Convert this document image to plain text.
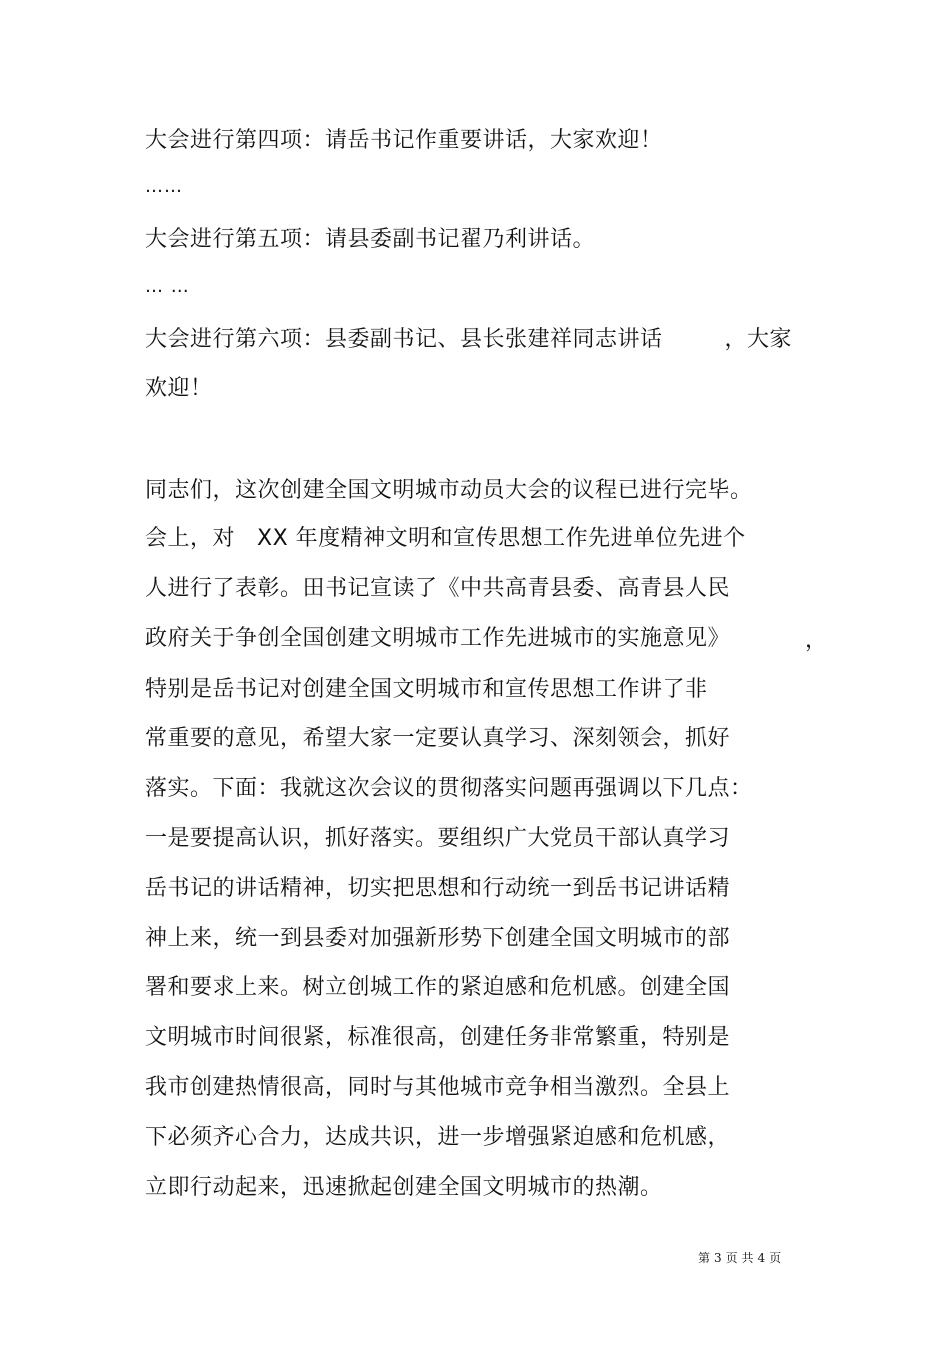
大会进行第四项：请岳书记作重要讲话，大家欢迎！
……
大会进行第五项：请县委副书记翟乃利讲话。
… …
大会进行第六项：县委副书记、县长张建祥同志讲话	，大家
欢迎！
同志们，这次创建全国文明城市动员大会的议程已进行完毕。
会上，对 XX 年度精神文明和宣传思想工作先进单位先进个
人进行了表彰。田书记宣读了《中共高青县委、高青县人民
政府关于争创全国创建文明城市工作先进城市的实施意见》	，
特别是岳书记对创建全国文明城市和宣传思想工作讲了非
常重要的意见，希望大家一定要认真学习、深刻领会，抓好
落实。下面：我就这次会议的贯彻落实问题再强调以下几点：
一是要提高认识，抓好落实。要组织广大党员干部认真学习
岳书记的讲话精神，切实把思想和行动统一到岳书记讲话精
神上来，统一到县委对加强新形势下创建全国文明城市的部
署和要求上来。树立创城工作的紧迫感和危机感。创建全国
文明城市时间很紧，标准很高，创建任务非常繁重，特别是
我市创建热情很高，同时与其他城市竞争相当激烈。全县上
下必须齐心合力，达成共识，进一步增强紧迫感和危机感，
立即行动起来，迅速掀起创建全国文明城市的热潮。
第 3 页 共 4 页
